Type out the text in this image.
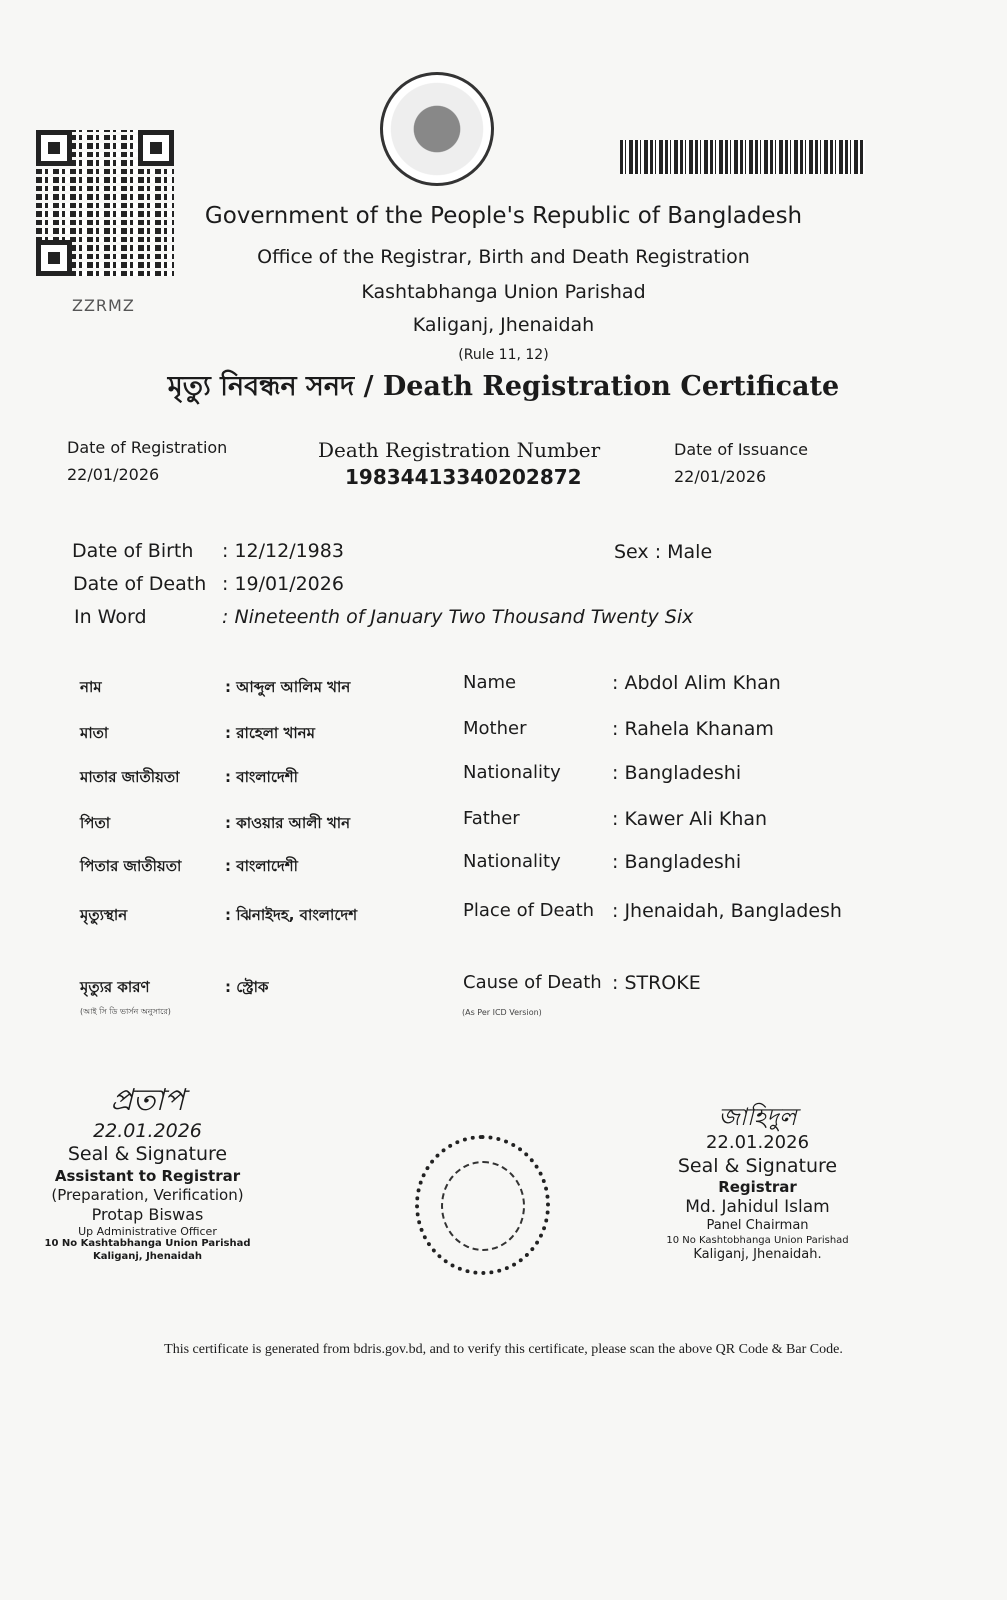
ZZRMZ
Government of the People's Republic of Bangladesh
Office of the Registrar, Birth and Death Registration
Kashtabhanga Union Parishad
Kaliganj, Jhenaidah
(Rule 11, 12)
মৃত্যু নিবন্ধন সনদ / Death Registration Certificate
Date of Registration
22/01/2026
Death Registration Number
19834413340202872
Date of Issuance
22/01/2026
Date of Birth : 12/12/1983	Sex : Male
Date of Death : 19/01/2026
In Word	: Nineteenth of January Two Thousand Twenty Six
নাম	: আব্দুল আলিম খান	Name	: Abdol Alim Khan
মাতা	: রাহেলা খানম	Mother	: Rahela Khanam
মাতার জাতীয়তা	: বাংলাদেশী	Nationality	: Bangladeshi
পিতা	: কাওয়ার আলী খান	Father	: Kawer Ali Khan
পিতার জাতীয়তা	: বাংলাদেশী	Nationality	: Bangladeshi
মৃত্যুস্থান	: ঝিনাইদহ, বাংলাদেশ	Place of Death : Jhenaidah, Bangladesh
মৃত্যুর কারণ	: স্ট্রোক	Cause of Death : STROKE
(আই সি ডি ভার্সন অনুসারে)	(As Per ICD Version)
প্রতাপ
22.01.2026
Seal & Signature
Assistant to Registrar
(Preparation, Verification)
Protap Biswas
Up Administrative Officer
10 No Kashtabhanga Union Parishad
Kaliganj, Jhenaidah
জাহিদুল
22.01.2026
Seal & Signature
Registrar
Md. Jahidul Islam
Panel Chairman
10 No Kashtobhanga Union Parishad
Kaliganj, Jhenaidah.
This certificate is generated from bdris.gov.bd, and to verify this certificate, please scan the above QR Code & Bar Code.
